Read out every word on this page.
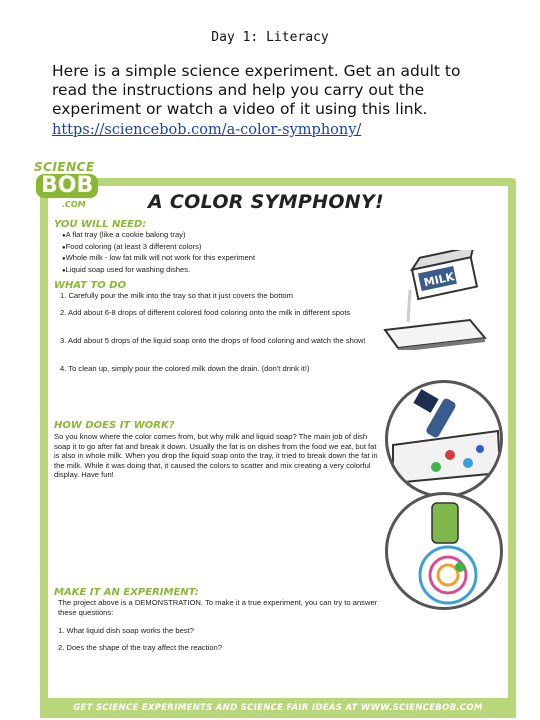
Day 1: Literacy
Here is a simple science experiment. Get an adult to read the instructions and help you carry out the experiment or watch a video of it using this link.
https://sciencebob.com/a-color-symphony/
SCIENCE
BOB
.COM	A COLOR SYMPHONY!
YOU WILL NEED:
● A flat tray (like a cookie baking tray)
● Food coloring (at least 3 different colors)
● Whole milk - low fat milk will not work for this experiment
● Liquid soap used for washing dishes.
WHAT TO DO
1. Carefully pour the milk into the tray so that it just covers the bottom
2. Add about 6-8 drops of different colored food coloring onto the milk in different spots
3. Add about 5 drops of the liquid soap onto the drops of food coloring and watch the show!
4. To clean up, simply pour the colored milk down the drain. (don't drink it!)
HOW DOES IT WORK?
So you know where the color comes from, but why milk and liquid soap? The main job of dish soap it to go after fat and break it down. Usually the fat is on dishes from the food we eat, but fat is also in whole milk. When you drop the liquid soap onto the tray, it tried to break down the fat in the milk. While it was doing that, it caused the colors to scatter and mix creating a very colorful display. Have fun!
MAKE IT AN EXPERIMENT:
The project above is a DEMONSTRATION. To make it a true experiment, you can try to answer these questions:
1. What liquid dish soap works the best?
2. Does the shape of the tray affect the reaction?
MILK
GET SCIENCE EXPERIMENTS AND SCIENCE FAIR IDEAS AT WWW.SCIENCEBOB.COM
